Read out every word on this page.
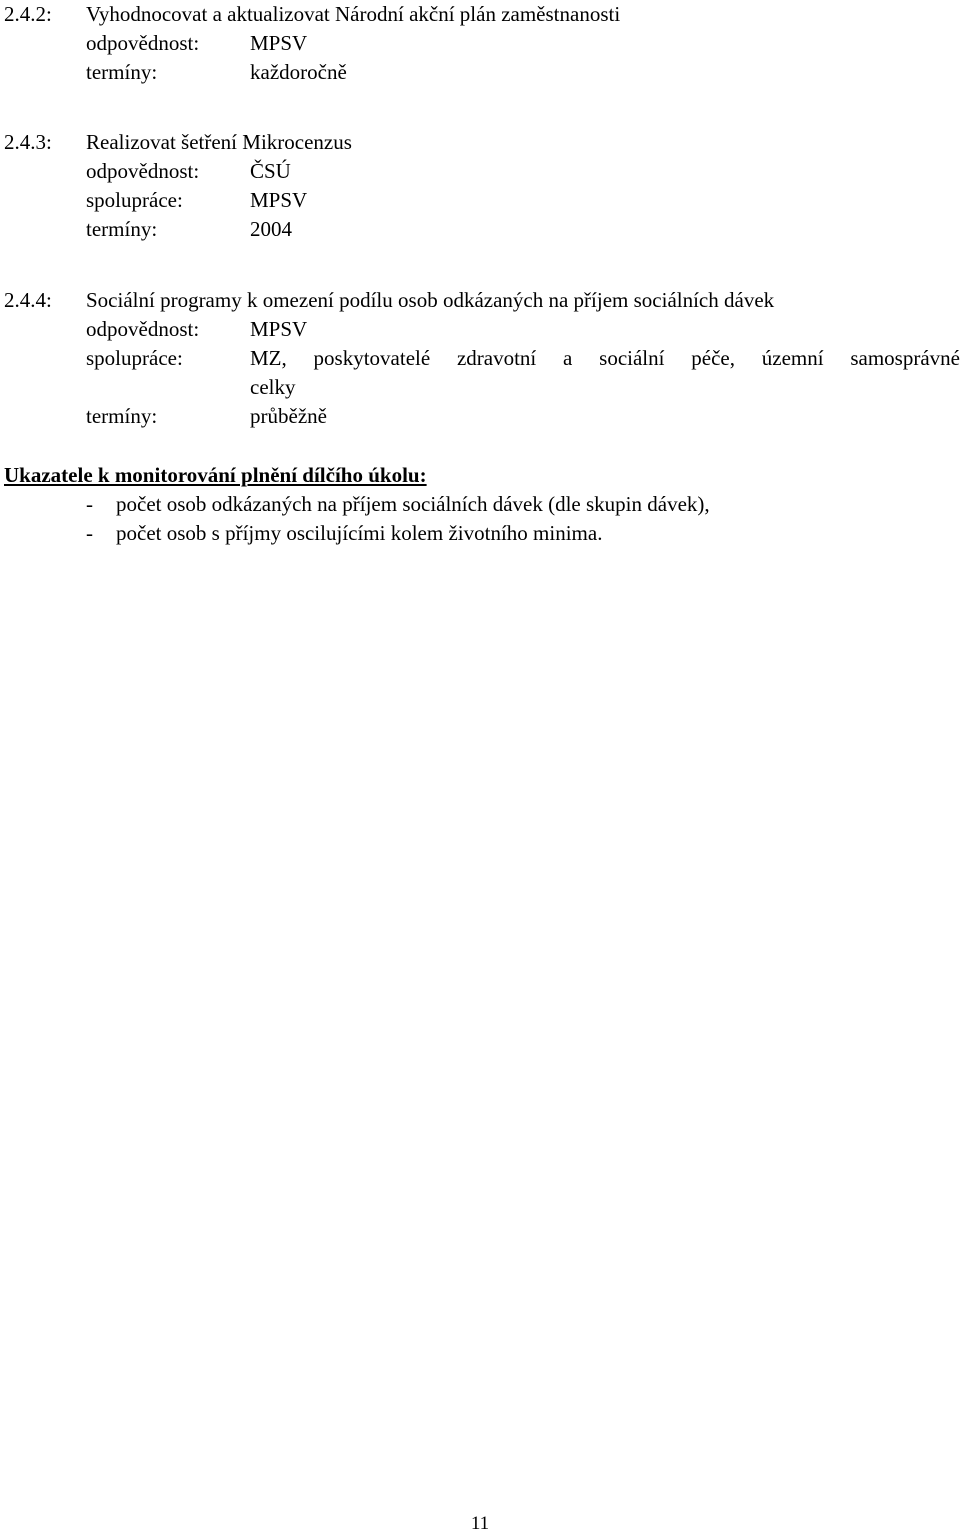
2.4.2: Vyhodnocovat a aktualizovat Národní akční plán zaměstnanosti
odpovědnost: MPSV
termíny:	každoročně
2.4.3: Realizovat šetření Mikrocenzus
odpovědnost: ČSÚ
spolupráce:	MPSV
termíny:	2004
2.4.4: Sociální programy k omezení podílu osob odkázaných na příjem sociálních dávek
odpovědnost: MPSV
spolupráce:	MZ, poskytovatelé zdravotní a sociální péče, územní samosprávné
celky
termíny:	průběžně
Ukazatele k monitorování plnění dílčího úkolu:
- počet osob odkázaných na příjem sociálních dávek (dle skupin dávek),
- počet osob s příjmy oscilujícími kolem životního minima.
11
